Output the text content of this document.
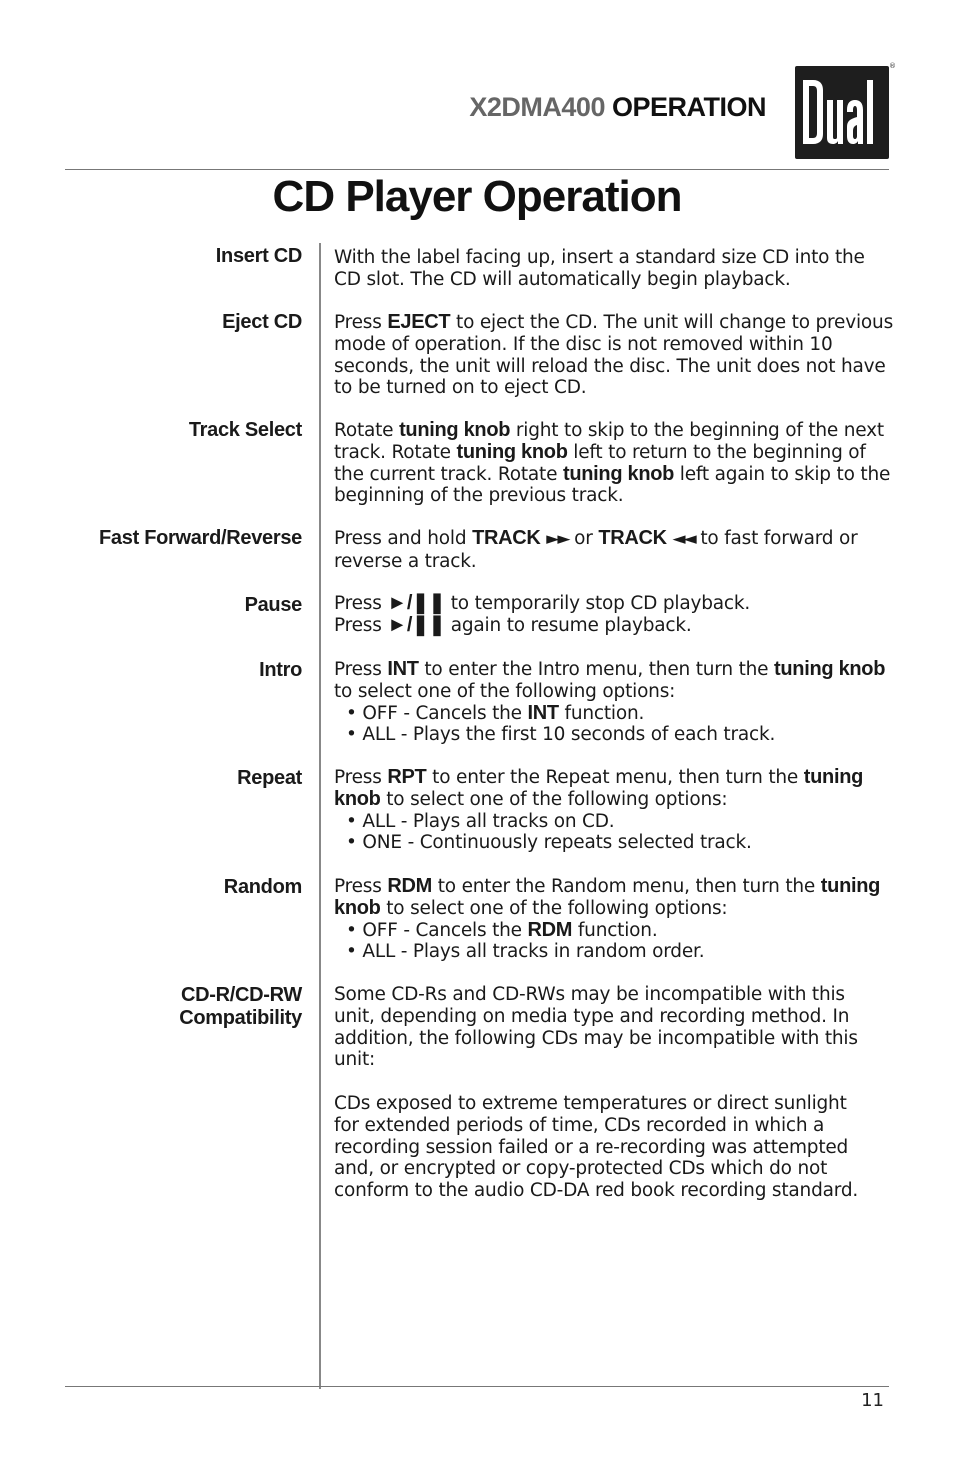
X2DMA400 OPERATION
®
CD Player Operation
Insert CD With the label facing up, insert a standard size CD into the CD slot. The CD will automatically begin playback.

Eject CD Press EJECT to eject the CD. The unit will change to previous mode of operation. If the disc is not removed within 10 seconds, the unit will reload the disc. The unit does not have to be turned on to eject CD.

Track Select Rotate tuning knob right to skip to the beginning of the next track. Rotate tuning knob left to return to the beginning of the current track. Rotate tuning knob left again to skip to the beginning of the previous track.

Fast Forward/Reverse Press and hold TRACK ►► or TRACK ◄◄ to fast forward or reverse a track.

Pause Press ►/❚❚ to temporarily stop CD playback.

Press ►/❚❚ again to resume playback.

Intro Press INT to enter the Intro menu, then turn the tuning knob to select one of the following options:

• OFF - Cancels the INT function.

• ALL - Plays the first 10 seconds of each track.

Repeat Press RPT to enter the Repeat menu, then turn the tuning knob to select one of the following options:

• ALL - Plays all tracks on CD.

• ONE - Continuously repeats selected track.

Random Press RDM to enter the Random menu, then turn the tuning knob to select one of the following options:

• OFF - Cancels the RDM function.

• ALL - Plays all tracks in random order.

CD-R/CD-RW
Compatibility

Some CD-Rs and CD-RWs may be incompatible with this unit, depending on media type and recording method. In addition, the following CDs may be incompatible with this unit:

CDs exposed to extreme temperatures or direct sunlight for extended periods of time, CDs recorded in which a recording session failed or a re-recording was attempted and, or encrypted or copy-protected CDs which do not conform to the audio CD-DA red book recording standard.

11
